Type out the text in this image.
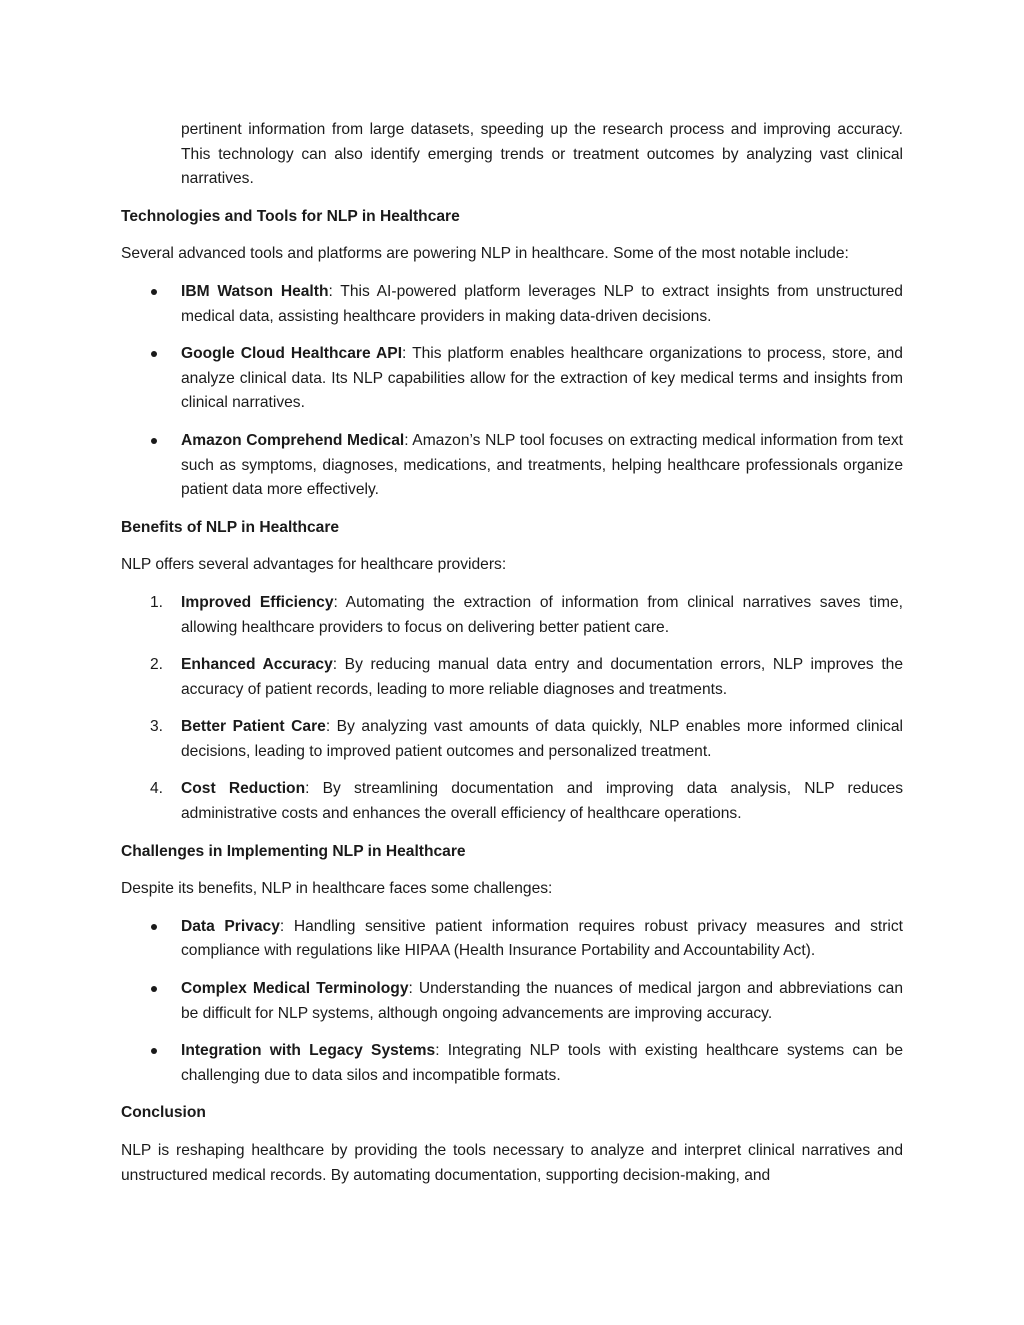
pertinent information from large datasets, speeding up the research process and improving accuracy. This technology can also identify emerging trends or treatment outcomes by analyzing vast clinical narratives.

Technologies and Tools for NLP in Healthcare

Several advanced tools and platforms are powering NLP in healthcare. Some of the most notable include:

IBM Watson Health: This AI-powered platform leverages NLP to extract insights from unstructured medical data, assisting healthcare providers in making data-driven decisions.
Google Cloud Healthcare API: This platform enables healthcare organizations to process, store, and analyze clinical data. Its NLP capabilities allow for the extraction of key medical terms and insights from clinical narratives.
Amazon Comprehend Medical: Amazon’s NLP tool focuses on extracting medical information from text such as symptoms, diagnoses, medications, and treatments, helping healthcare professionals organize patient data more effectively.

Benefits of NLP in Healthcare

NLP offers several advantages for healthcare providers:

1. Improved Efficiency: Automating the extraction of information from clinical narratives saves time, allowing healthcare providers to focus on delivering better patient care.
2. Enhanced Accuracy: By reducing manual data entry and documentation errors, NLP improves the accuracy of patient records, leading to more reliable diagnoses and treatments.
3. Better Patient Care: By analyzing vast amounts of data quickly, NLP enables more informed clinical decisions, leading to improved patient outcomes and personalized treatment.
4. Cost Reduction: By streamlining documentation and improving data analysis, NLP reduces administrative costs and enhances the overall efficiency of healthcare operations.

Challenges in Implementing NLP in Healthcare

Despite its benefits, NLP in healthcare faces some challenges:

Data Privacy: Handling sensitive patient information requires robust privacy measures and strict compliance with regulations like HIPAA (Health Insurance Portability and Accountability Act).
Complex Medical Terminology: Understanding the nuances of medical jargon and abbreviations can be difficult for NLP systems, although ongoing advancements are improving accuracy.
Integration with Legacy Systems: Integrating NLP tools with existing healthcare systems can be challenging due to data silos and incompatible formats.

Conclusion

NLP is reshaping healthcare by providing the tools necessary to analyze and interpret clinical narratives and unstructured medical records. By automating documentation, supporting decision-making, and
